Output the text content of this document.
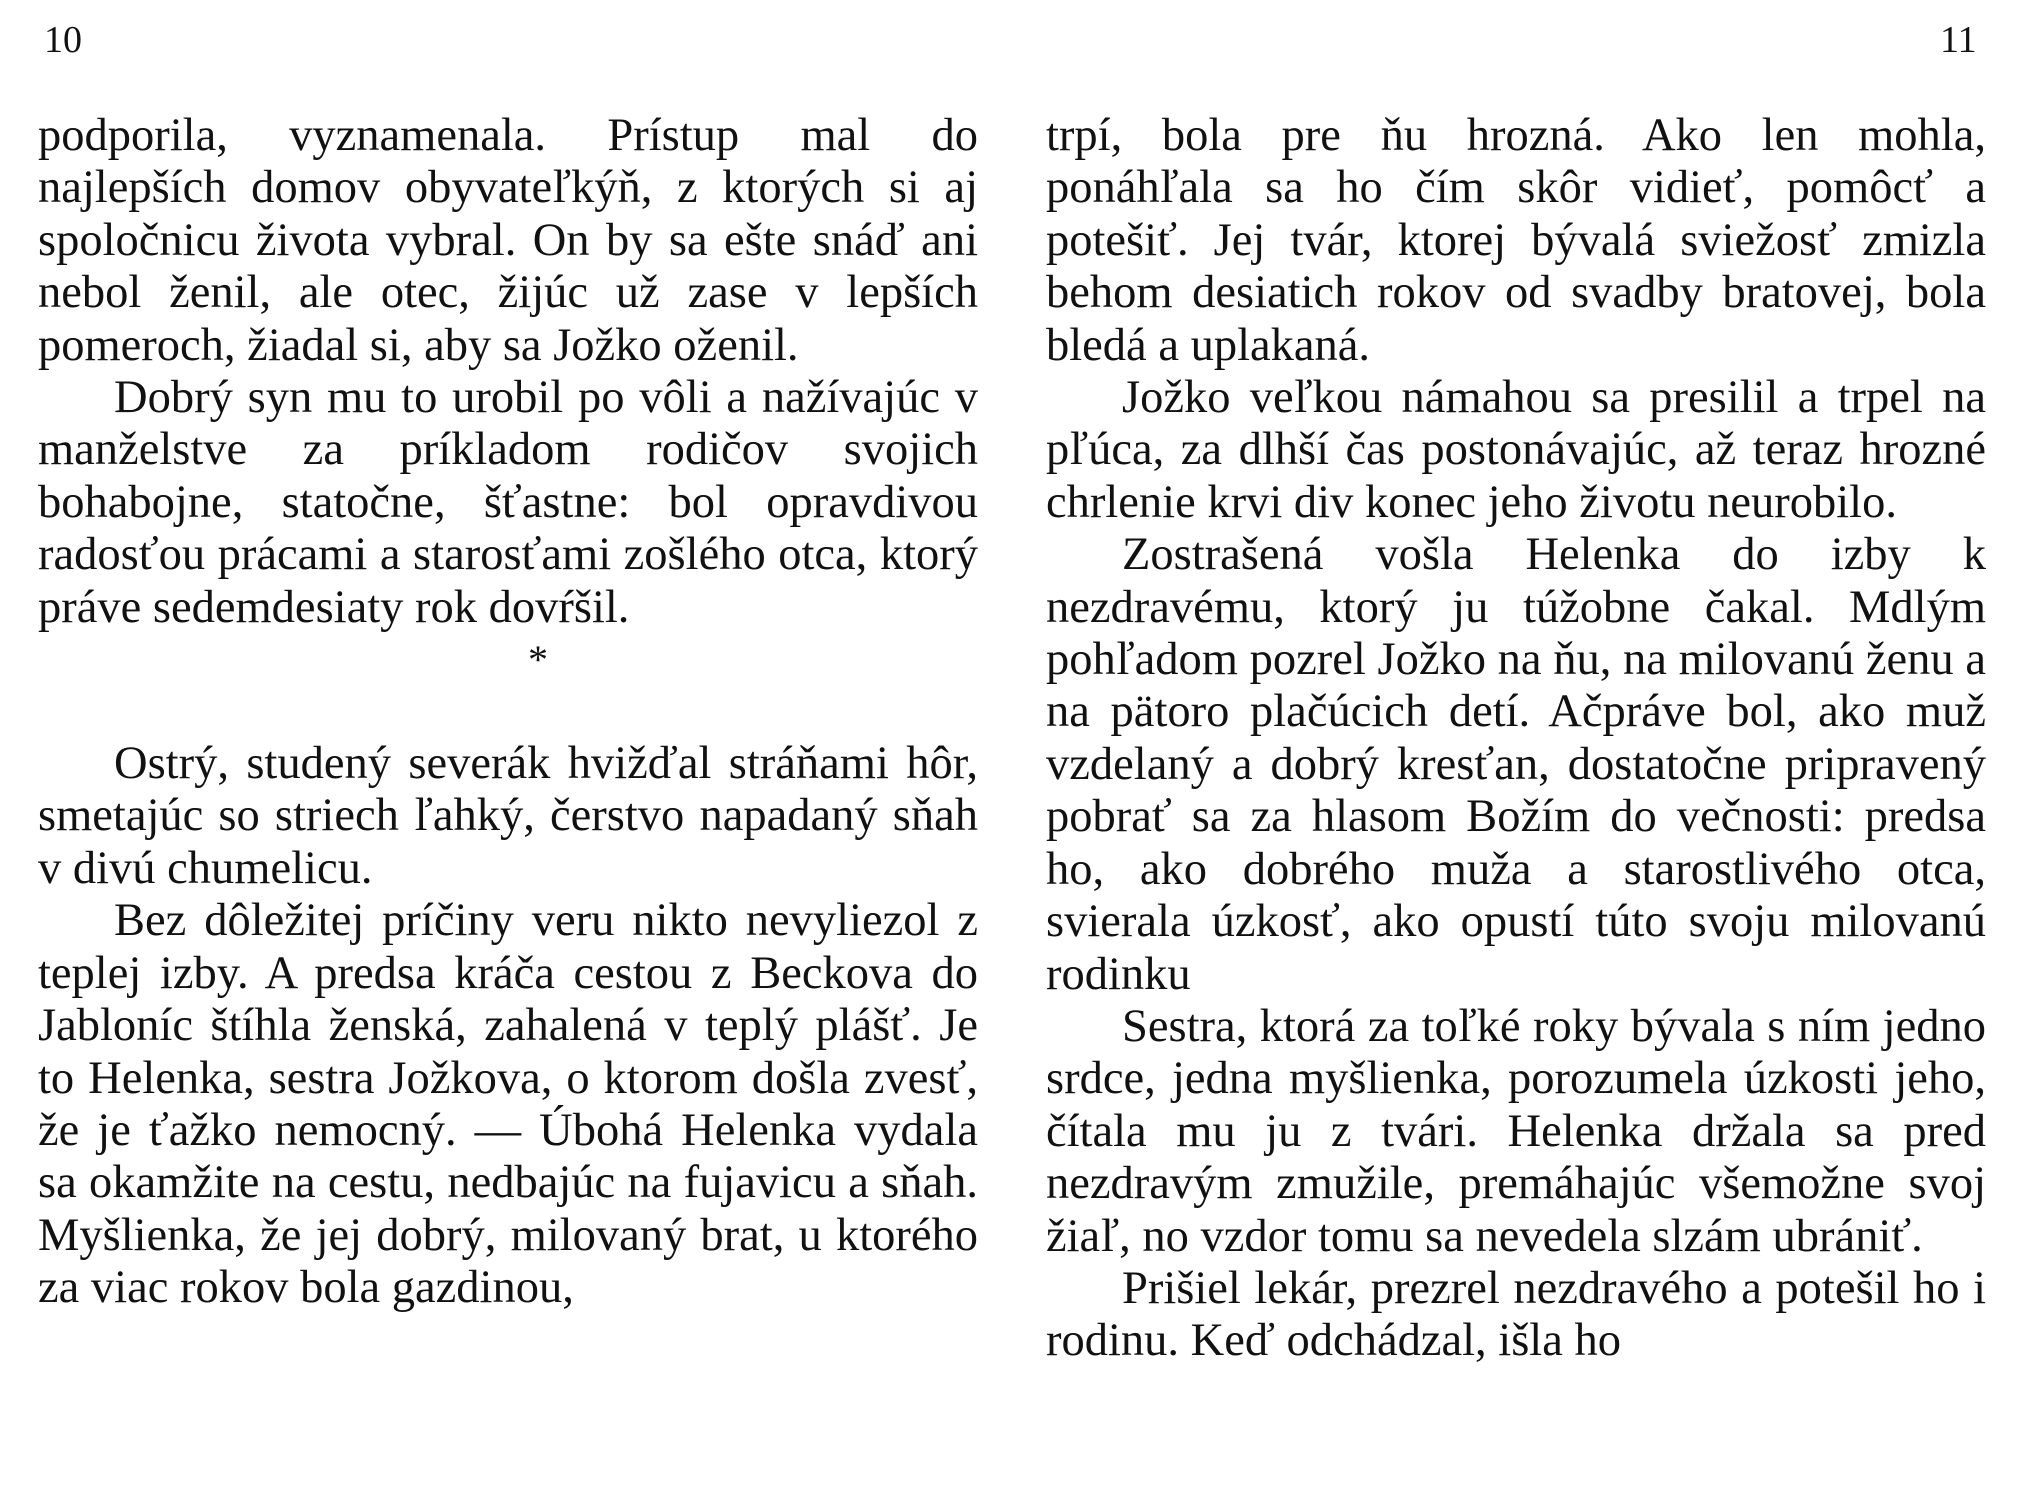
10	11

podporila, vyznamenala. Prístup mal do najlepších domov obyvateľkýň, z ktorých si aj spoločnicu života vybral. On by sa ešte snáď ani nebol ženil, ale otec, žijúc už zase v lepších pomeroch, žiadal si, aby sa Jožko oženil.

Dobrý syn mu to urobil po vôli a nažívajúc v manželstve za príkladom rodičov svojich bohabojne, statočne, šťastne: bol opravdivou radosťou prácami a starosťami zošlého otca, ktorý práve sedemdesiaty rok dovŕšil.

*

Ostrý, studený severák hvižďal stráňami hôr, smetajúc so striech ľahký, čerstvo napadaný sňah v divú chumelicu.

Bez dôležitej príčiny veru nikto nevyliezol z teplej izby. A predsa kráča cestou z Beckova do Jabloníc štíhla ženská, zahalená v teplý plášť. Je to Helenka, sestra Jožkova, o ktorom došla zvesť, že je ťažko nemocný. — Úbohá Helenka vydala sa okamžite na cestu, nedbajúc na fujavicu a sňah. Myšlienka, že jej dobrý, milovaný brat, u ktorého za viac rokov bola gazdinou,

trpí, bola pre ňu hrozná. Ako len mohla, ponáhľala sa ho čím skôr vidieť, pomôcť a potešiť. Jej tvár, ktorej bývalá sviežosť zmizla behom desiatich rokov od svadby bratovej, bola bledá a uplakaná.

Jožko veľkou námahou sa presilil a trpel na pľúca, za dlhší čas postonávajúc, až teraz hrozné chrlenie krvi div konec jeho životu neurobilo.

Zostrašená vošla Helenka do izby k nezdravému, ktorý ju túžobne čakal. Mdlým pohľadom pozrel Jožko na ňu, na milovanú ženu a na pätoro plačúcich detí. Ačpráve bol, ako muž vzdelaný a dobrý kresťan, dostatočne pripravený pobrať sa za hlasom Božím do večnosti: predsa ho, ako dobrého muža a starostlivého otca, svierala úzkosť, ako opustí túto svoju milovanú rodinku

Sestra, ktorá za toľké roky bývala s ním jedno srdce, jedna myšlienka, porozumela úzkosti jeho, čítala mu ju z tvári. Helenka držala sa pred nezdravým zmužile, premáhajúc všemožne svoj žiaľ, no vzdor tomu sa nevedela slzám ubrániť.

Prišiel lekár, prezrel nezdravého a potešil ho i rodinu. Keď odchádzal, išla ho
